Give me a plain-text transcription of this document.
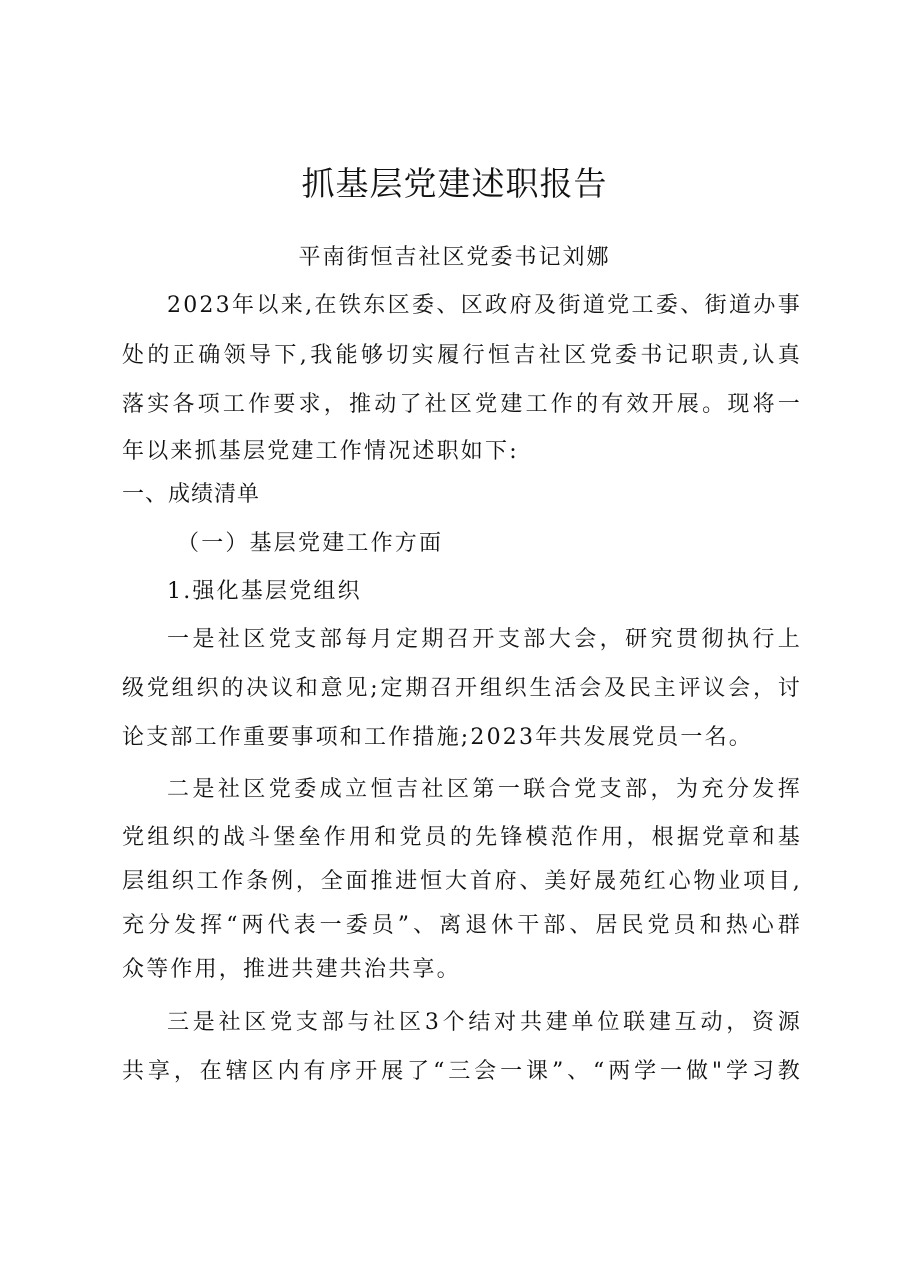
抓基层党建述职报告

平南街恒吉社区党委书记刘娜

2023年以来,在铁东区委、区政府及街道党工委、街道办事

处的正确领导下,我能够切实履行恒吉社区党委书记职责,认真

落实各项工作要求，推动了社区党建工作的有效开展。现将一

年以来抓基层党建工作情况述职如下:

一、成绩清单

（一）基层党建工作方面

1.强化基层党组织

一是社区党支部每月定期召开支部大会，研究贯彻执行上

级党组织的决议和意见;定期召开组织生活会及民主评议会，讨

论支部工作重要事项和工作措施;2023年共发展党员一名。

二是社区党委成立恒吉社区第一联合党支部，为充分发挥

党组织的战斗堡垒作用和党员的先锋模范作用，根据党章和基

层组织工作条例，全面推进恒大首府、美好晟苑红心物业项目,

充分发挥“两代表一委员”、离退休干部、居民党员和热心群

众等作用，推进共建共治共享。

三是社区党支部与社区3个结对共建单位联建互动，资源

共享，在辖区内有序开展了“三会一课”、“两学一做"学习教
